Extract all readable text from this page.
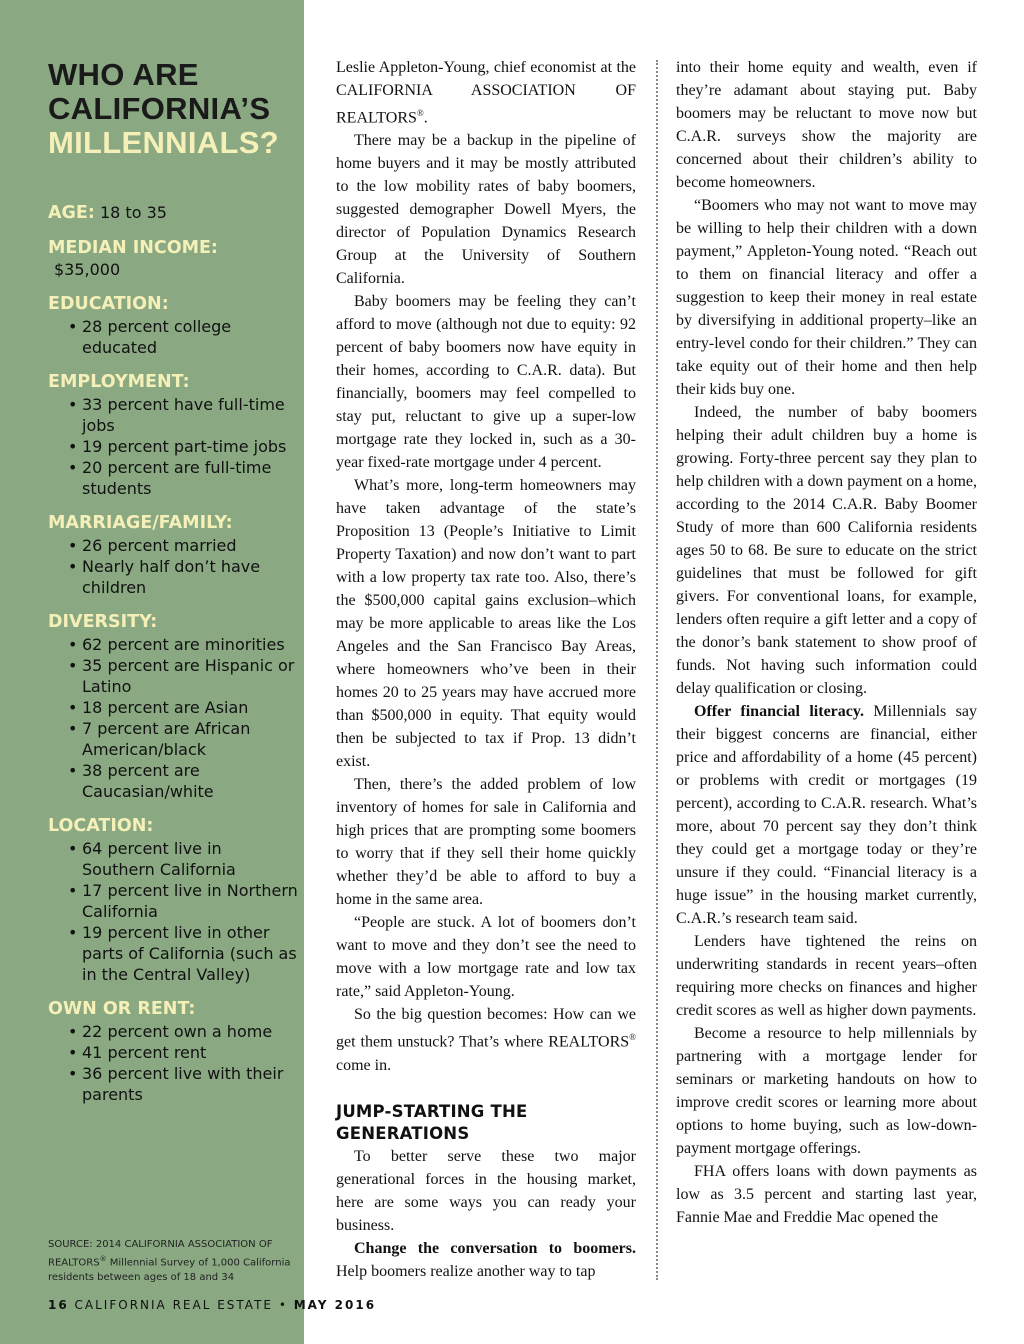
WHO ARE
CALIFORNIA’S
MILLENNIALS?
AGE: 18 to 35
MEDIAN INCOME:
$35,000
EDUCATION:
• 28 percent college educated
EMPLOYMENT:
• 33 percent have full-time jobs
• 19 percent part-time jobs
• 20 percent are full-time students
MARRIAGE/FAMILY:
• 26 percent married
• Nearly half don’t have children
DIVERSITY:
• 62 percent are minorities
• 35 percent are Hispanic or Latino
• 18 percent are Asian
• 7 percent are African American/black
• 38 percent are Caucasian/white
LOCATION:
• 64 percent live in Southern California
• 17 percent live in Northern California
• 19 percent live in other parts of California (such as in the Central Valley)
OWN OR RENT:
• 22 percent own a home
• 41 percent rent
• 36 percent live with their parents
SOURCE: 2014 CALIFORNIA ASSOCIATION OF REALTORS® Millennial Survey of 1,000 California residents between ages of 18 and 34
16 CALIFORNIA REAL ESTATE • MAY 2016

Leslie Appleton-Young, chief economist at the CALIFORNIA ASSOCIATION OF REALTORS®.

There may be a backup in the pipeline of home buyers and it may be mostly attributed to the low mobility rates of baby boomers, suggested demographer Dowell Myers, the director of Population Dynamics Research Group at the University of Southern California.

Baby boomers may be feeling they can’t afford to move (although not due to equity: 92 percent of baby boomers now have equity in their homes, according to C.A.R. data). But financially, boomers may feel compelled to stay put, reluctant to give up a super-low mortgage rate they locked in, such as a 30-year fixed-rate mortgage under 4 percent.

What’s more, long-term homeowners may have taken advantage of the state’s Proposition 13 (People’s Initiative to Limit Property Taxation) and now don’t want to part with a low property tax rate too. Also, there’s the $500,000 capital gains exclusion–which may be more applicable to areas like the Los Angeles and the San Francisco Bay Areas, where homeowners who’ve been in their homes 20 to 25 years may have accrued more than $500,000 in equity. That equity would then be subjected to tax if Prop. 13 didn’t exist.

Then, there’s the added problem of low inventory of homes for sale in California and high prices that are prompting some boomers to worry that if they sell their home quickly whether they’d be able to afford to buy a home in the same area.

“People are stuck. A lot of boomers don’t want to move and they don’t see the need to move with a low mortgage rate and low tax rate,” said Appleton-Young.

So the big question becomes: How can we get them unstuck? That’s where REALTORS® come in.

JUMP-STARTING THE GENERATIONS

To better serve these two major generational forces in the housing market, here are some ways you can ready your business.

Change the conversation to boomers. Help boomers realize another way to tap

into their home equity and wealth, even if they’re adamant about staying put. Baby boomers may be reluctant to move now but C.A.R. surveys show the majority are concerned about their children’s ability to become homeowners.

“Boomers who may not want to move may be willing to help their children with a down payment,” Appleton-Young noted. “Reach out to them on financial literacy and offer a suggestion to keep their money in real estate by diversifying in additional property–like an entry-level condo for their children.” They can take equity out of their home and then help their kids buy one.

Indeed, the number of baby boomers helping their adult children buy a home is growing. Forty-three percent say they plan to help children with a down payment on a home, according to the 2014 C.A.R. Baby Boomer Study of more than 600 California residents ages 50 to 68. Be sure to educate on the strict guidelines that must be followed for gift givers. For conventional loans, for example, lenders often require a gift letter and a copy of the donor’s bank statement to show proof of funds. Not having such information could delay qualification or closing.

Offer financial literacy. Millennials say their biggest concerns are financial, either price and affordability of a home (45 percent) or problems with credit or mortgages (19 percent), according to C.A.R. research. What’s more, about 70 percent say they don’t think they could get a mortgage today or they’re unsure if they could. “Financial literacy is a huge issue” in the housing market currently, C.A.R.’s research team said.

Lenders have tightened the reins on underwriting standards in recent years–often requiring more checks on finances and higher credit scores as well as higher down payments.

Become a resource to help millennials by partnering with a mortgage lender for seminars or marketing handouts on how to improve credit scores or learning more about options to home buying, such as low-down-payment mortgage offerings.

FHA offers loans with down payments as low as 3.5 percent and starting last year, Fannie Mae and Freddie Mac opened the
